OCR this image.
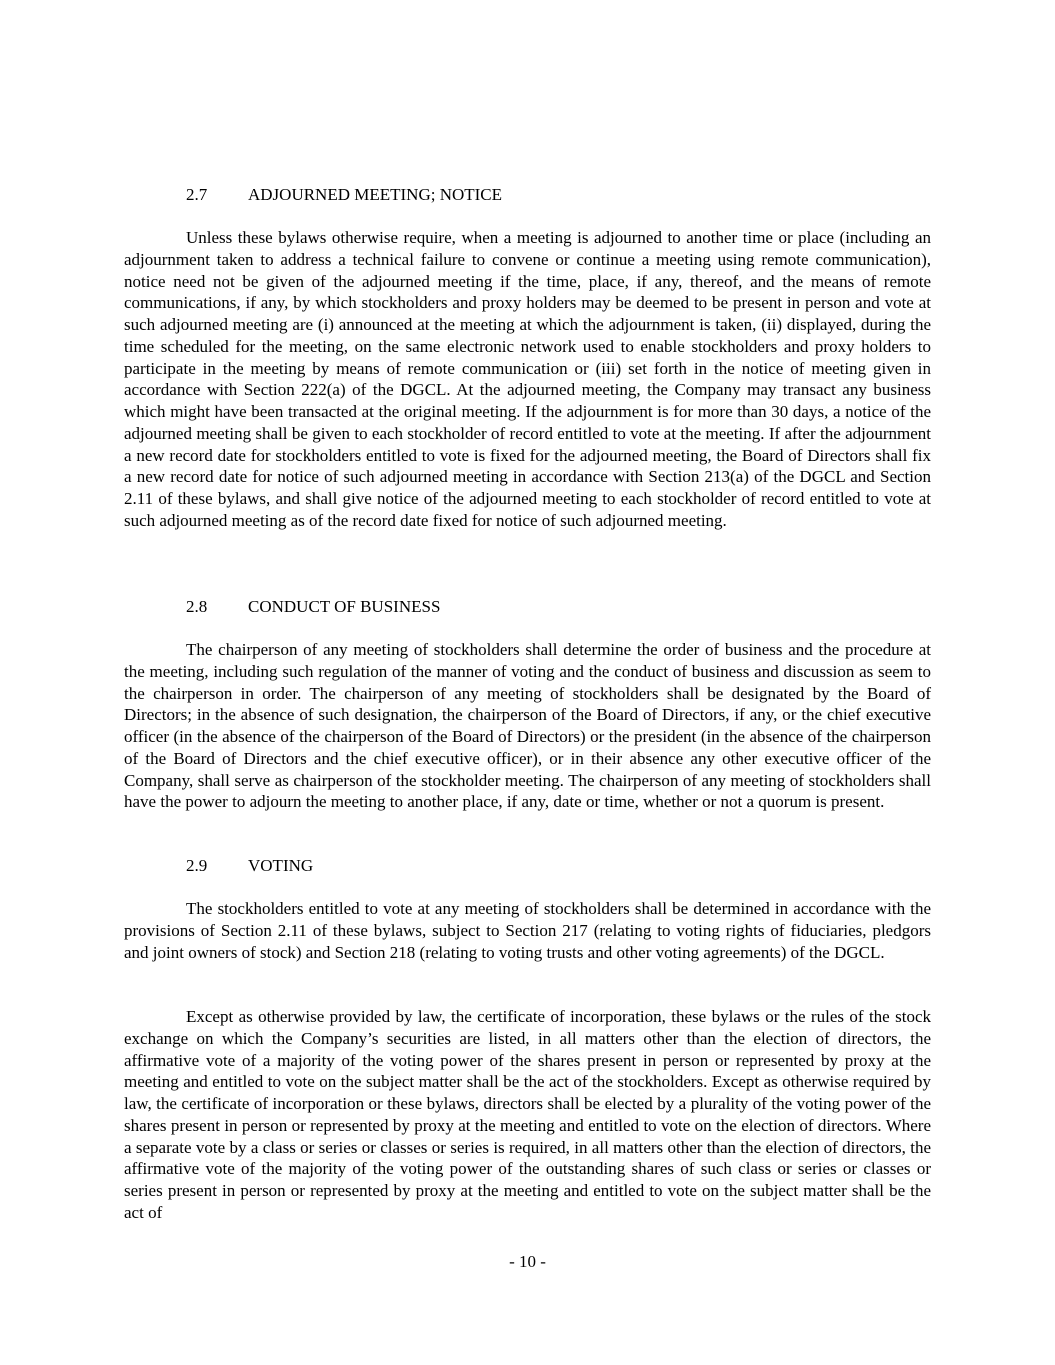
2.7 ADJOURNED MEETING; NOTICE

Unless these bylaws otherwise require, when a meeting is adjourned to another time or place (including an adjournment taken to address a technical failure to convene or continue a meeting using remote communication), notice need not be given of the adjourned meeting if the time, place, if any, thereof, and the means of remote communications, if any, by which stockholders and proxy holders may be deemed to be present in person and vote at such adjourned meeting are (i) announced at the meeting at which the adjournment is taken, (ii) displayed, during the time scheduled for the meeting, on the same electronic network used to enable stockholders and proxy holders to participate in the meeting by means of remote communication or (iii) set forth in the notice of meeting given in accordance with Section 222(a) of the DGCL. At the adjourned meeting, the Company may transact any business which might have been transacted at the original meeting. If the adjournment is for more than 30 days, a notice of the adjourned meeting shall be given to each stockholder of record entitled to vote at the meeting. If after the adjournment a new record date for stockholders entitled to vote is fixed for the adjourned meeting, the Board of Directors shall fix a new record date for notice of such adjourned meeting in accordance with Section 213(a) of the DGCL and Section 2.11 of these bylaws, and shall give notice of the adjourned meeting to each stockholder of record entitled to vote at such adjourned meeting as of the record date fixed for notice of such adjourned meeting.

2.8 CONDUCT OF BUSINESS

The chairperson of any meeting of stockholders shall determine the order of business and the procedure at the meeting, including such regulation of the manner of voting and the conduct of business and discussion as seem to the chairperson in order. The chairperson of any meeting of stockholders shall be designated by the Board of Directors; in the absence of such designation, the chairperson of the Board of Directors, if any, or the chief executive officer (in the absence of the chairperson of the Board of Directors) or the president (in the absence of the chairperson of the Board of Directors and the chief executive officer), or in their absence any other executive officer of the Company, shall serve as chairperson of the stockholder meeting. The chairperson of any meeting of stockholders shall have the power to adjourn the meeting to another place, if any, date or time, whether or not a quorum is present.

2.9 VOTING

The stockholders entitled to vote at any meeting of stockholders shall be determined in accordance with the provisions of Section 2.11 of these bylaws, subject to Section 217 (relating to voting rights of fiduciaries, pledgors and joint owners of stock) and Section 218 (relating to voting trusts and other voting agreements) of the DGCL.

Except as otherwise provided by law, the certificate of incorporation, these bylaws or the rules of the stock exchange on which the Company’s securities are listed, in all matters other than the election of directors, the affirmative vote of a majority of the voting power of the shares present in person or represented by proxy at the meeting and entitled to vote on the subject matter shall be the act of the stockholders. Except as otherwise required by law, the certificate of incorporation or these bylaws, directors shall be elected by a plurality of the voting power of the shares present in person or represented by proxy at the meeting and entitled to vote on the election of directors. Where a separate vote by a class or series or classes or series is required, in all matters other than the election of directors, the affirmative vote of the majority of the voting power of the outstanding shares of such class or series or classes or series present in person or represented by proxy at the meeting and entitled to vote on the subject matter shall be the act of

- 10 -
